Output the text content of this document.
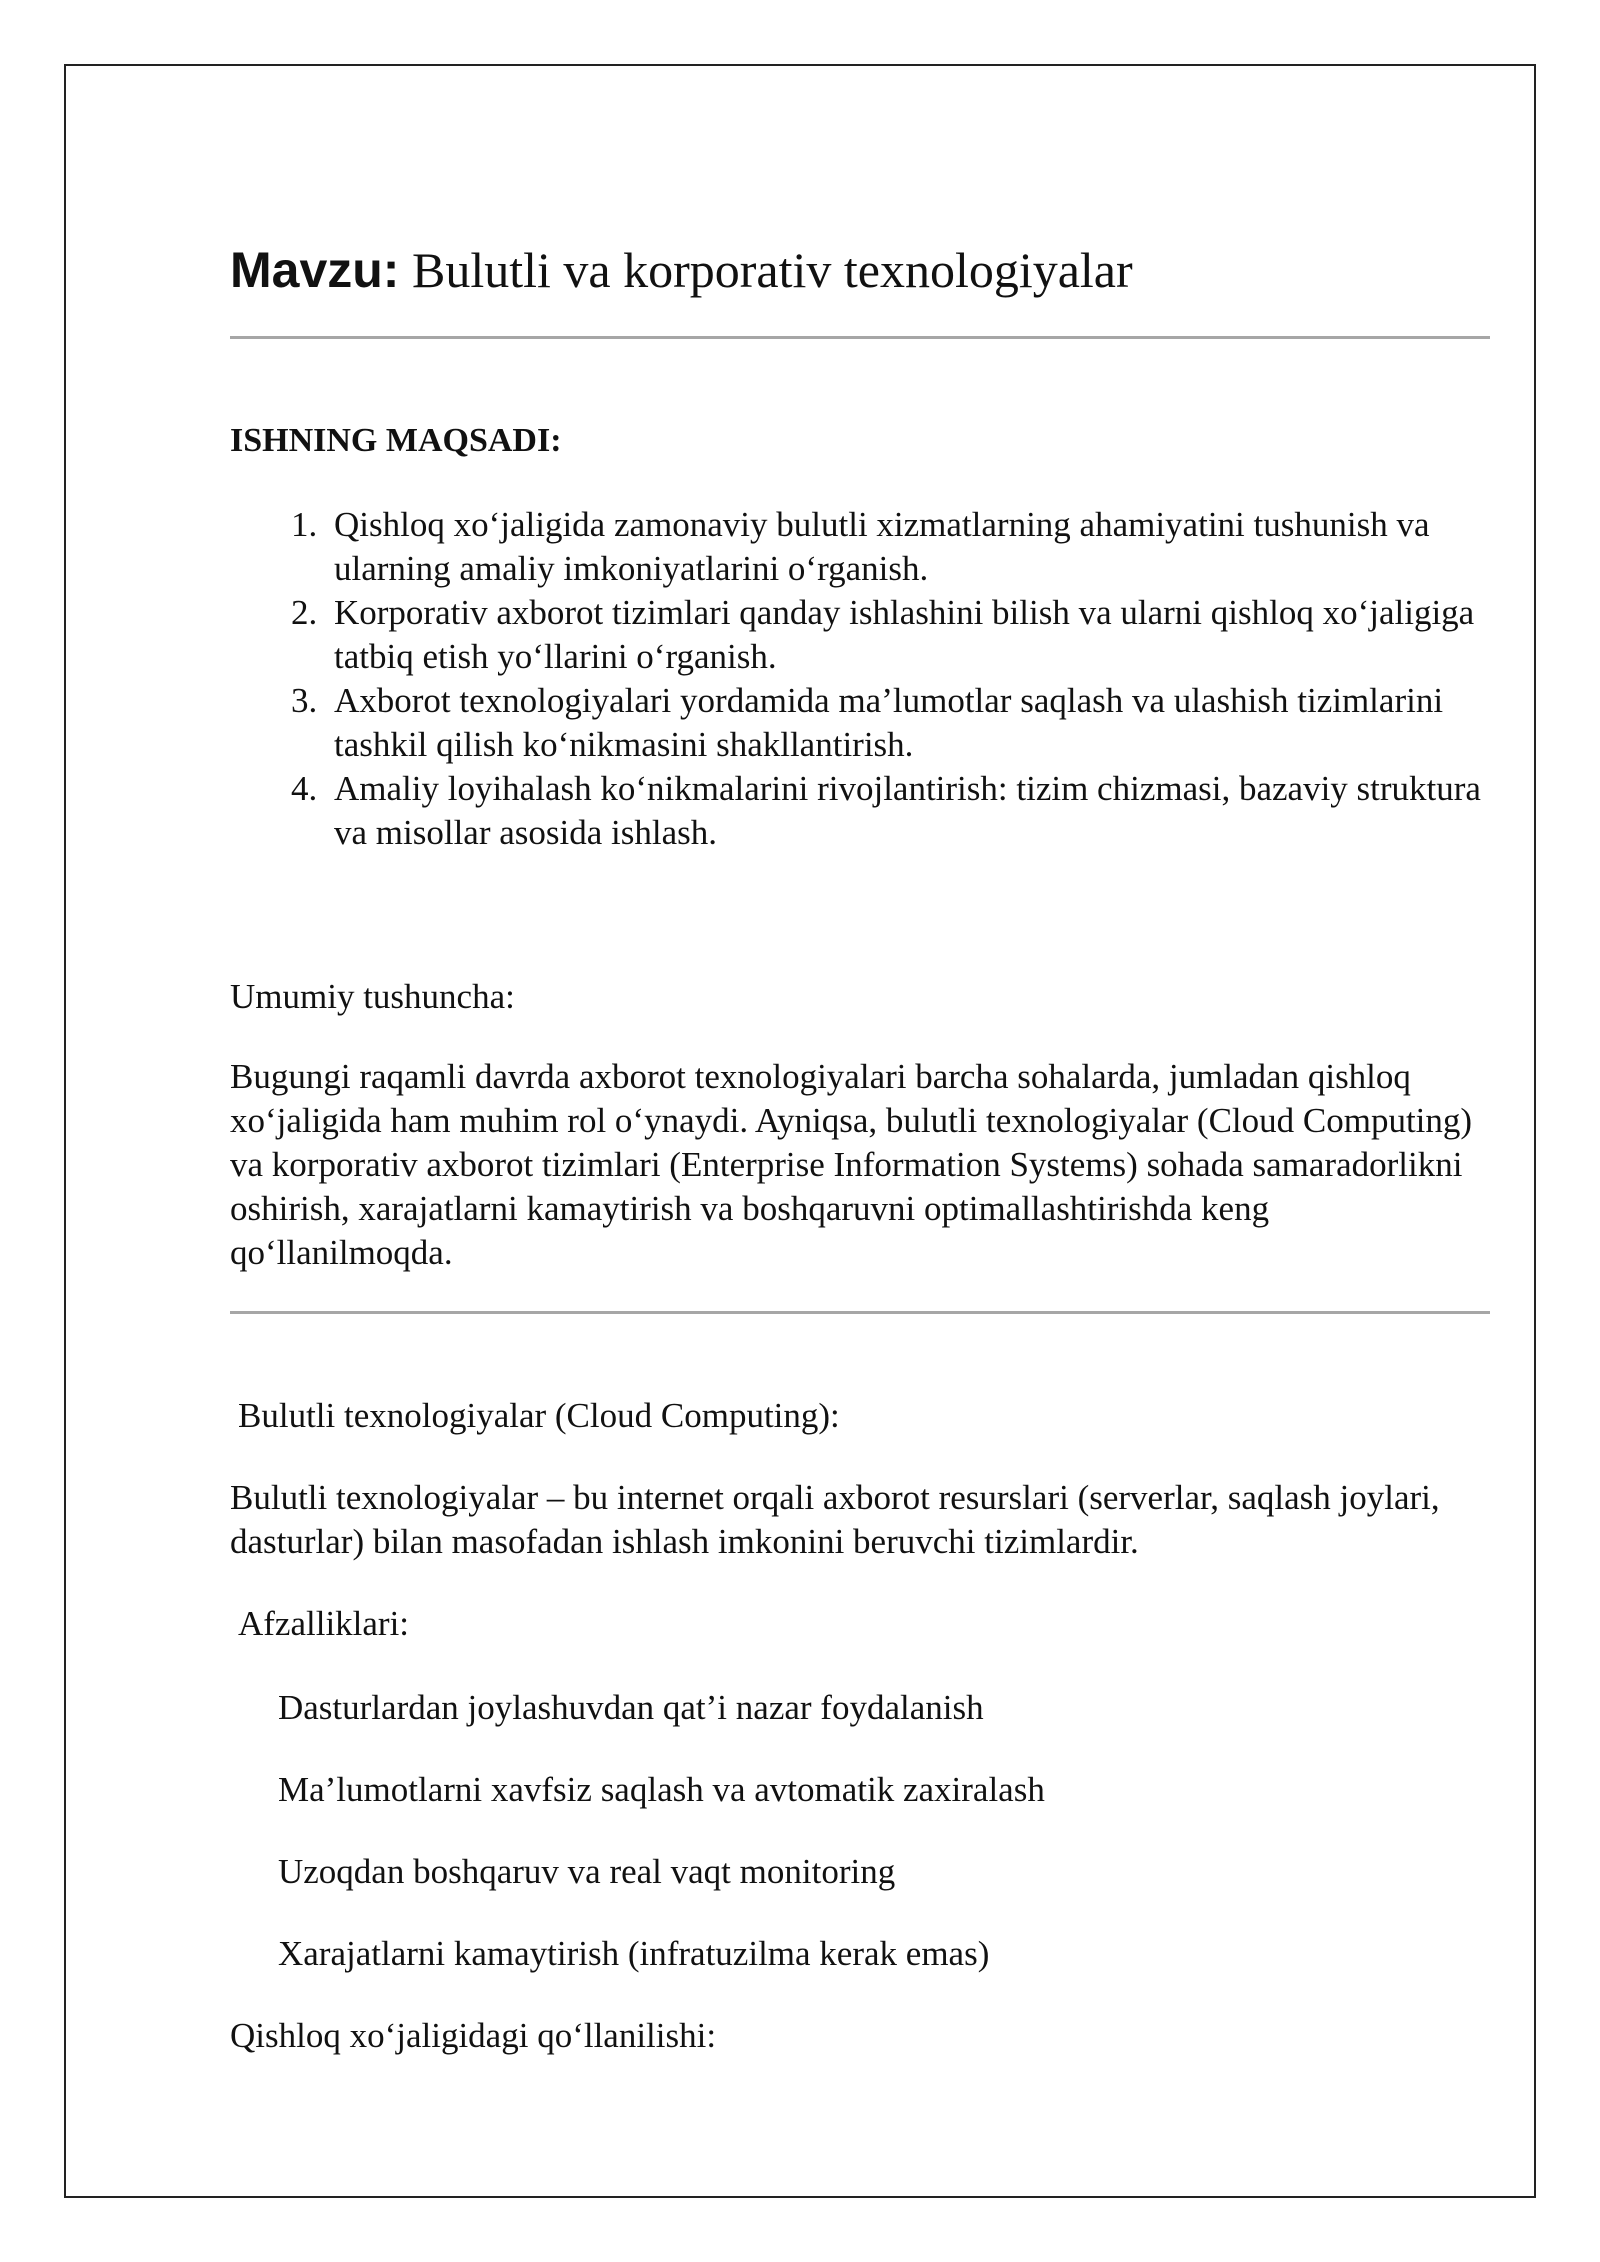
Mavzu: Bulutli va korporativ texnologiyalar

ISHNING MAQSADI:

1. Qishloq xo‘jaligida zamonaviy bulutli xizmatlarning ahamiyatini tushunish va ularning amaliy imkoniyatlarini o‘rganish.
2. Korporativ axborot tizimlari qanday ishlashini bilish va ularni qishloq xo‘jaligiga tatbiq etish yo‘llarini o‘rganish.
3. Axborot texnologiyalari yordamida ma’lumotlar saqlash va ulashish tizimlarini tashkil qilish ko‘nikmasini shakllantirish.
4. Amaliy loyihalash ko‘nikmalarini rivojlantirish: tizim chizmasi, bazaviy struktura va misollar asosida ishlash.

Umumiy tushuncha:

Bugungi raqamli davrda axborot texnologiyalari barcha sohalarda, jumladan qishloq xo‘jaligida ham muhim rol o‘ynaydi. Ayniqsa, bulutli texnologiyalar (Cloud Computing) va korporativ axborot tizimlari (Enterprise Information Systems) sohada samaradorlikni oshirish, xarajatlarni kamaytirish va boshqaruvni optimallashtirishda keng qo‘llanilmoqda.

Bulutli texnologiyalar (Cloud Computing):

Bulutli texnologiyalar – bu internet orqali axborot resurslari (serverlar, saqlash joylari, dasturlar) bilan masofadan ishlash imkonini beruvchi tizimlardir.

Afzalliklari:

Dasturlardan joylashuvdan qat’i nazar foydalanish

Ma’lumotlarni xavfsiz saqlash va avtomatik zaxiralash

Uzoqdan boshqaruv va real vaqt monitoring

Xarajatlarni kamaytirish (infratuzilma kerak emas)

Qishloq xo‘jaligidagi qo‘llanilishi:
